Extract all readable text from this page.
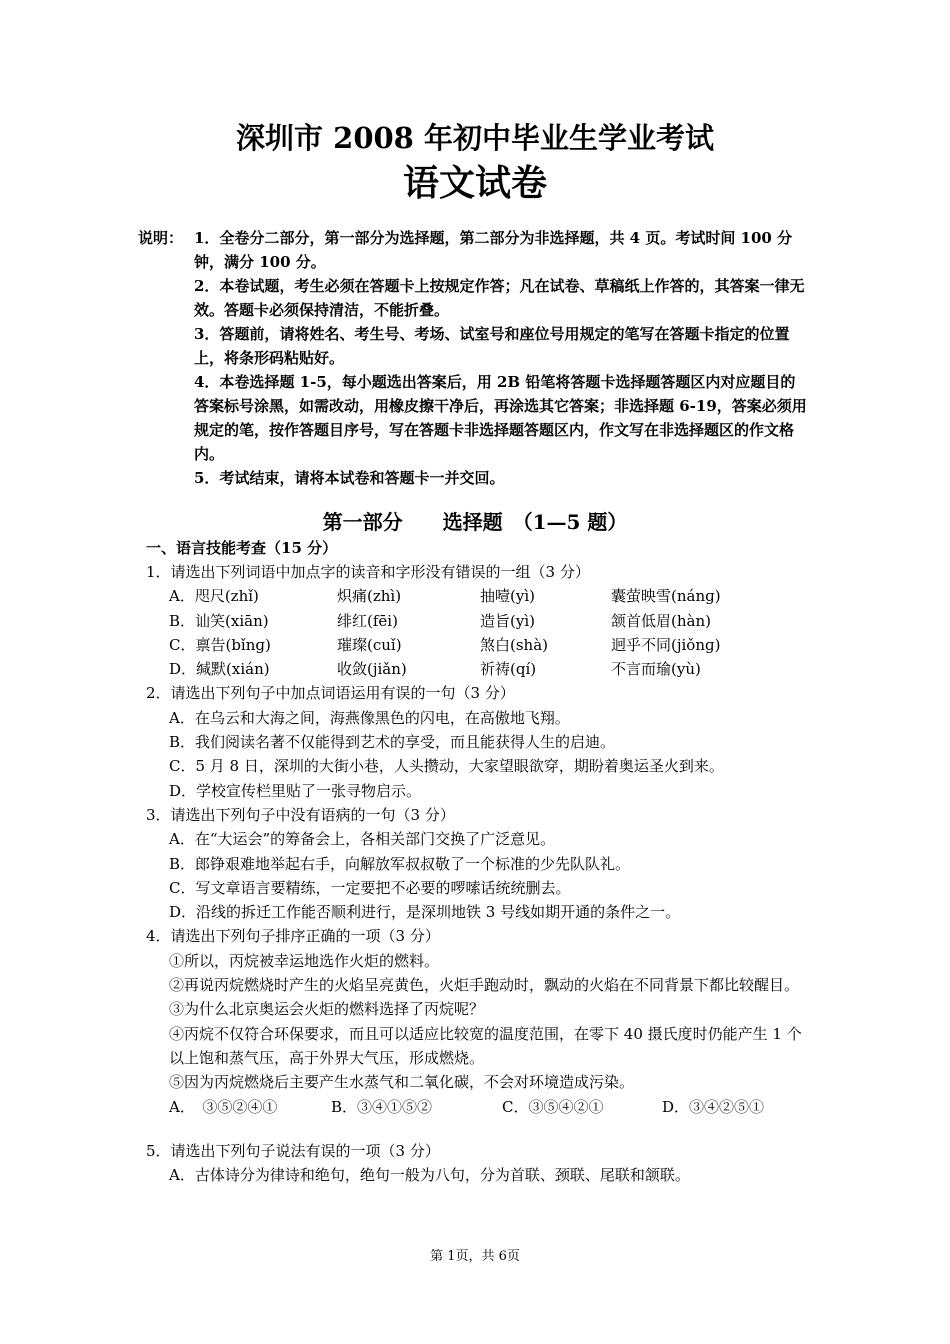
深圳市 2008 年初中毕业生学业考试
语文试卷
说明： 1．全卷分二部分，第一部分为选择题，第二部分为非选择题，共 4 页。考试时间 100 分钟，满分 100 分。
2．本卷试题，考生必须在答题卡上按规定作答；凡在试卷、草稿纸上作答的，其答案一律无效。答题卡必须保持清洁，不能折叠。
3．答题前，请将姓名、考生号、考场、试室号和座位号用规定的笔写在答题卡指定的位置上，将条形码粘贴好。
4．本卷选择题 1-5，每小题选出答案后，用 2B 铅笔将答题卡选择题答题区内对应题目的答案标号涂黑，如需改动，用橡皮擦干净后，再涂选其它答案；非选择题 6-19，答案必须用规定的笔，按作答题目序号，写在答题卡非选择题答题区内，作文写在非选择题区的作文格内。
5．考试结束，请将本试卷和答题卡一并交回。
第一部分　　选择题　（1—5 题）
一、语言技能考查（15 分）
1．请选出下列词语中加点字的读音和字形没有错误的一组（3 分）
A．咫尺(zhǐ)	炽痛(zhì)	抽噎(yì)	囊萤映雪(nánɡ)
B．讪笑(xiān)	绯红(fēi)	造旨(yì)	颔首低眉(hàn)
C．禀告(bǐnɡ)	璀璨(cuǐ)	煞白(shà)	迥乎不同(jiǒnɡ)
D．缄默(xián)	收敛(jiǎn)	祈祷(qí)	不言而瑜(yù)
2．请选出下列句子中加点词语运用有误的一句（3 分）
A．在乌云和大海之间，海燕像黑色的闪电，在高傲地飞翔。
B．我们阅读名著不仅能得到艺术的享受，而且能获得人生的启迪。
C．5 月 8 日，深圳的大街小巷，人头攒动，大家望眼欲穿，期盼着奥运圣火到来。
D．学校宣传栏里贴了一张寻物启示。
3．请选出下列句子中没有语病的一句（3 分）
A．在“大运会”的筹备会上，各相关部门交换了广泛意见。
B．郎铮艰难地举起右手，向解放军叔叔敬了一个标准的少先队队礼。
C．写文章语言要精练，一定要把不必要的啰嗦话统统删去。
D．沿线的拆迁工作能否顺利进行，是深圳地铁 3 号线如期开通的条件之一。
4．请选出下列句子排序正确的一项（3 分）
①所以，丙烷被幸运地选作火炬的燃料。
②再说丙烷燃烧时产生的火焰呈亮黄色，火炬手跑动时，飘动的火焰在不同背景下都比较醒目。
③为什么北京奥运会火炬的燃料选择了丙烷呢？
④丙烷不仅符合环保要求，而且可以适应比较宽的温度范围，在零下 40 摄氏度时仍能产生 1 个以上饱和蒸气压，高于外界大气压，形成燃烧。
⑤因为丙烷燃烧后主要产生水蒸气和二氧化碳，不会对环境造成污染。
A．　③⑤②④①	B．③④①⑤②	C．③⑤④②①	D．③④②⑤①
5．请选出下列句子说法有误的一项（3 分）
A．古体诗分为律诗和绝句，绝句一般为八句，分为首联、颈联、尾联和颔联。
第 1页，共 6页
